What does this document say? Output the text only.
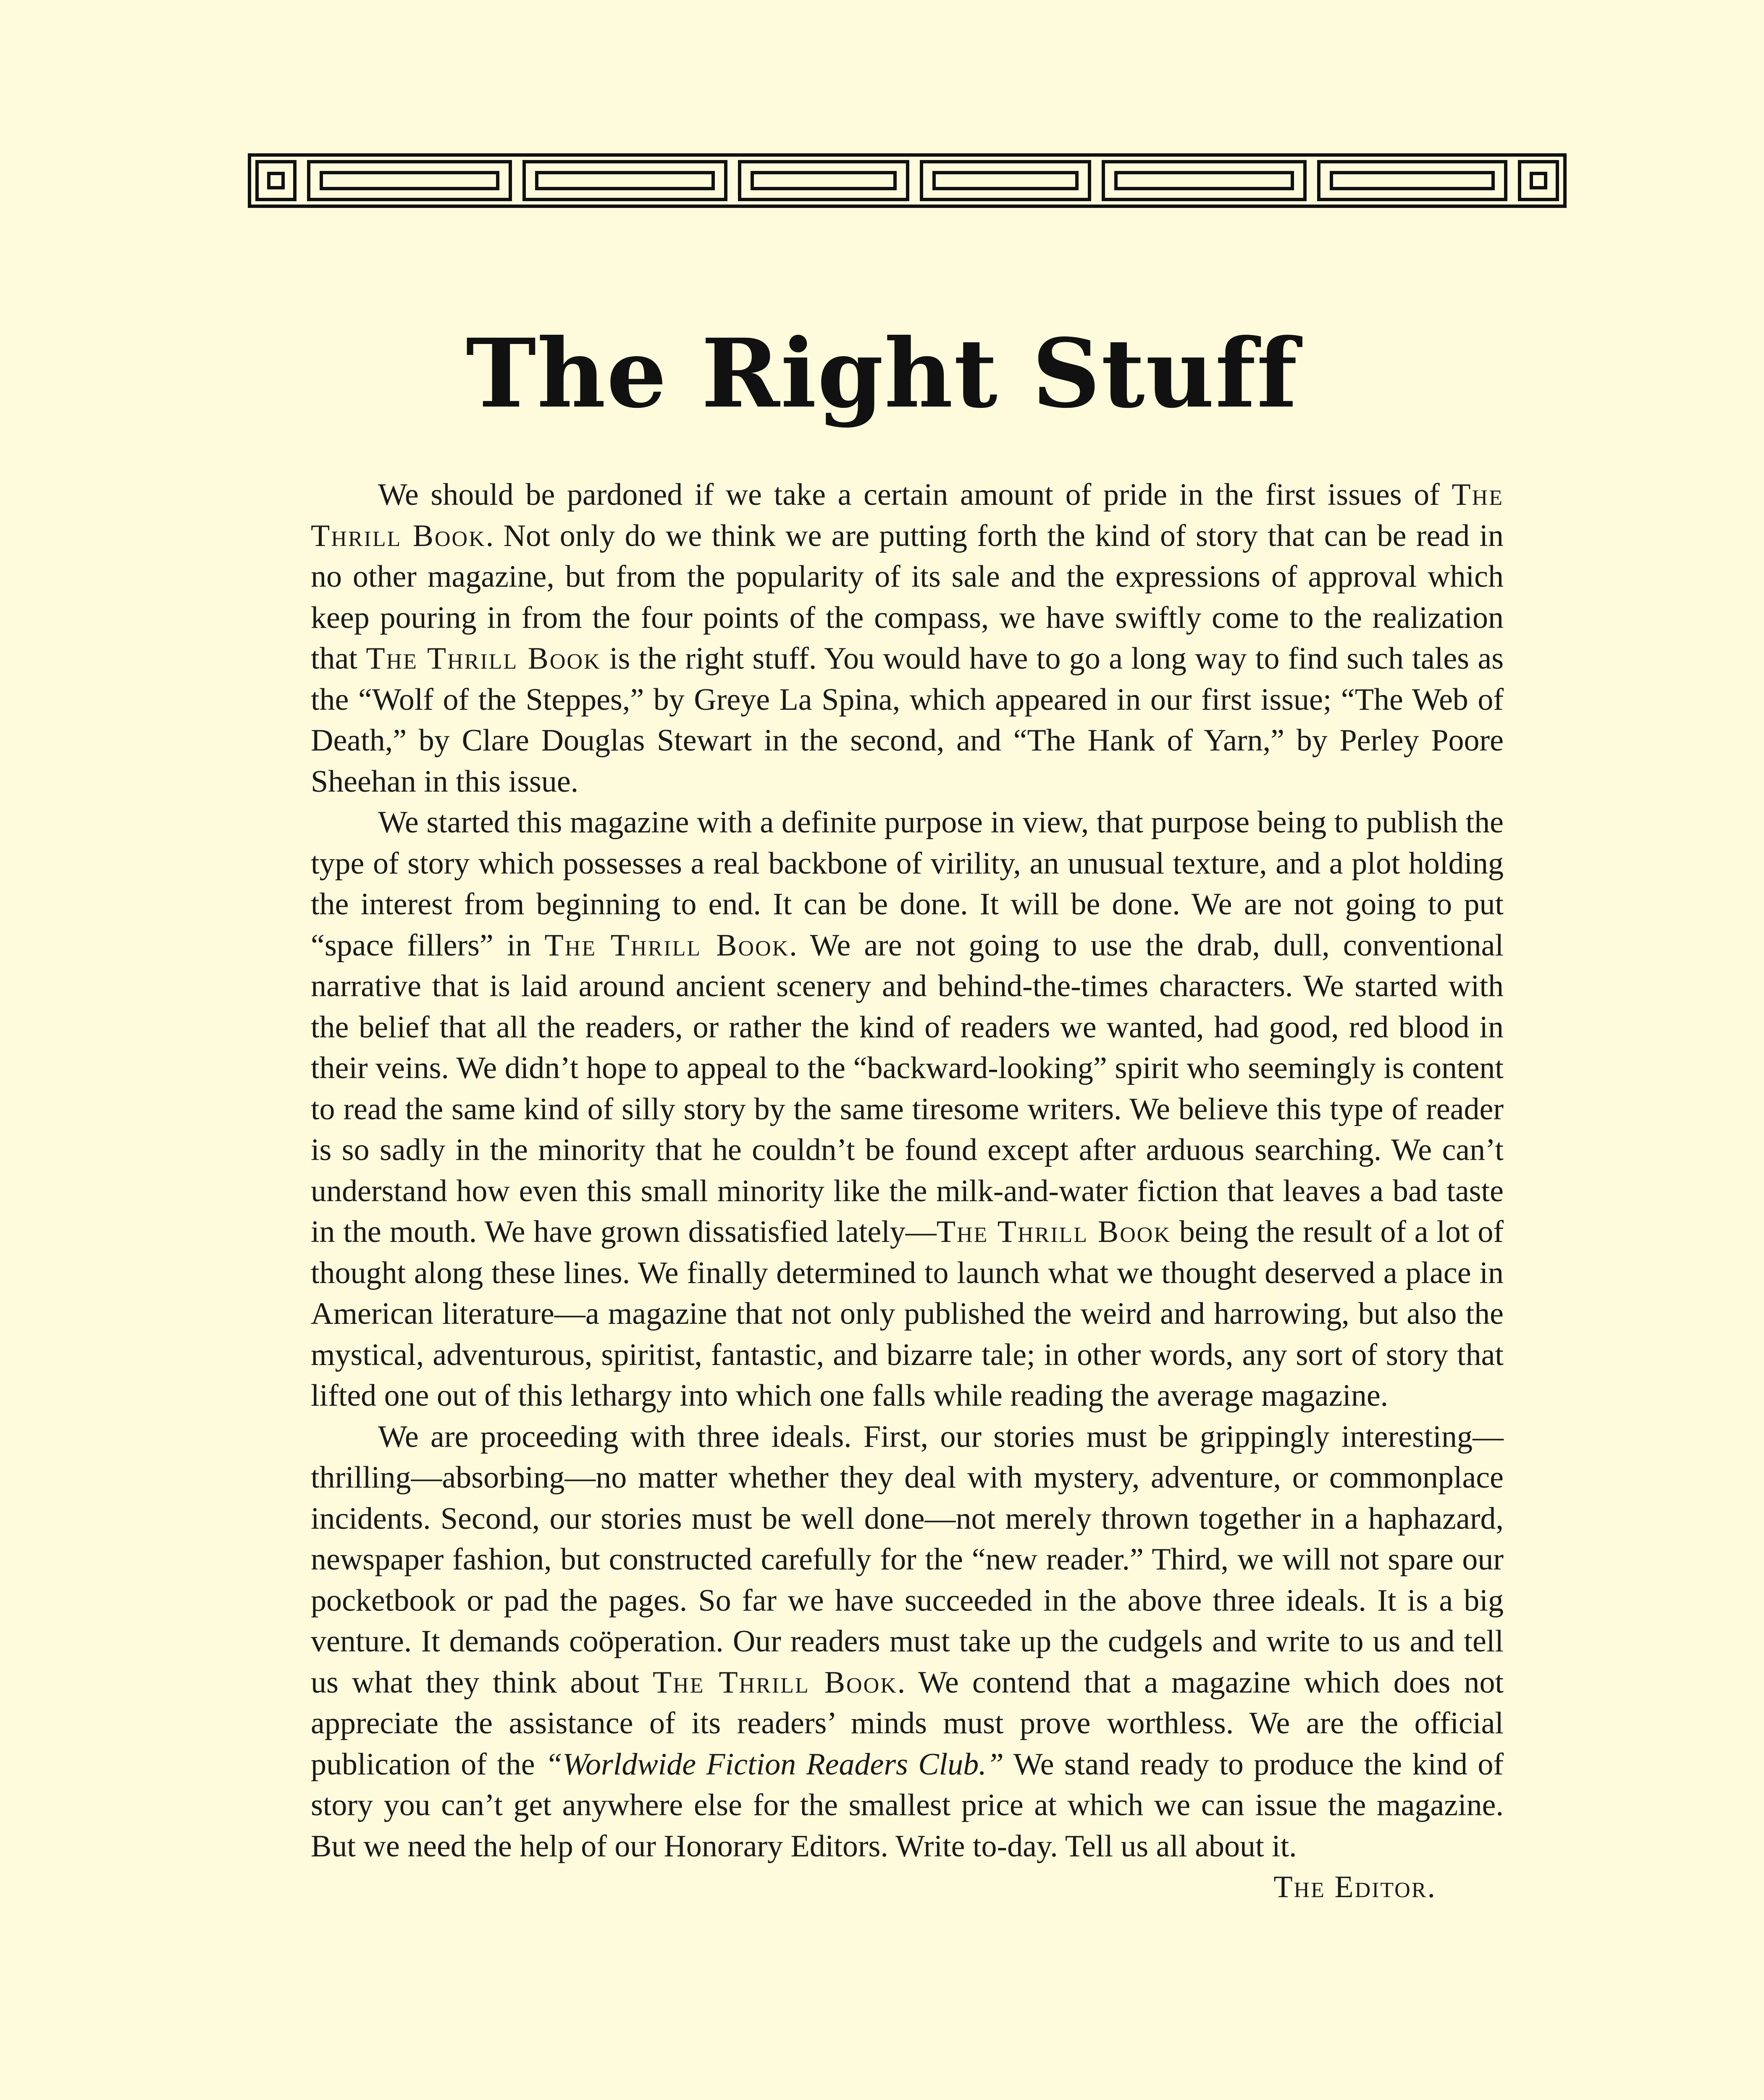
The Right Stuff

We should be pardoned if we take a certain amount of pride in the first issues of The Thrill Book. Not only do we think we are putting forth the kind of story that can be read in no other magazine, but from the popularity of its sale and the expressions of approval which keep pouring in from the four points of the compass, we have swiftly come to the realization that The Thrill Book is the right stuff. You would have to go a long way to find such tales as the “Wolf of the Steppes,” by Greye La Spina, which appeared in our first issue; “The Web of Death,” by Clare Douglas Stewart in the second, and “The Hank of Yarn,” by Perley Poore Sheehan in this issue.

We started this magazine with a definite purpose in view, that purpose being to publish the type of story which possesses a real backbone of virility, an unusual texture, and a plot holding the interest from beginning to end. It can be done. It will be done. We are not going to put “space fillers” in The Thrill Book. We are not going to use the drab, dull, conventional narrative that is laid around ancient scenery and behind-the-times characters. We started with the belief that all the readers, or rather the kind of readers we wanted, had good, red blood in their veins. We didn’t hope to appeal to the “backward-looking” spirit who seemingly is content to read the same kind of silly story by the same tiresome writers. We believe this type of reader is so sadly in the minority that he couldn’t be found except after arduous searching. We can’t understand how even this small minority like the milk-and-water fiction that leaves a bad taste in the mouth. We have grown dissatisfied lately—The Thrill Book being the result of a lot of thought along these lines. We finally determined to launch what we thought deserved a place in American literature—a magazine that not only published the weird and harrowing, but also the mystical, adventurous, spiritist, fantastic, and bizarre tale; in other words, any sort of story that lifted one out of this lethargy into which one falls while reading the average magazine.

We are proceeding with three ideals. First, our stories must be grippingly interesting—thrilling—absorbing—no matter whether they deal with mystery, adventure, or commonplace incidents. Second, our stories must be well done—not merely thrown together in a haphazard, newspaper fashion, but constructed carefully for the “new reader.” Third, we will not spare our pocketbook or pad the pages. So far we have succeeded in the above three ideals. It is a big venture. It demands coöperation. Our readers must take up the cudgels and write to us and tell us what they think about The Thrill Book. We contend that a magazine which does not appreciate the assistance of its readers’ minds must prove worthless. We are the official publication of the “Worldwide Fiction Readers Club.” We stand ready to produce the kind of story you can’t get anywhere else for the smallest price at which we can issue the magazine. But we need the help of our Honorary Editors. Write to-day. Tell us all about it.

The Editor.
